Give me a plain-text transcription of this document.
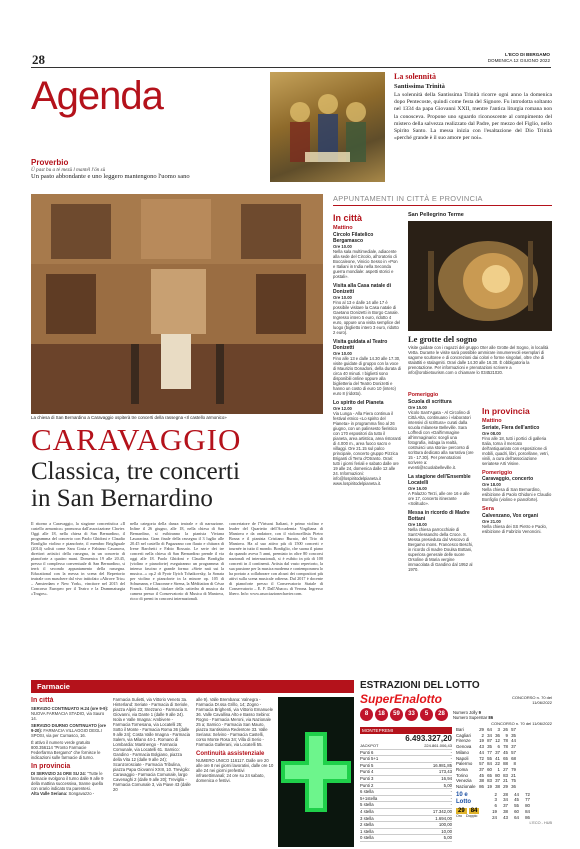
28	L'ECO DI BERGAMO
DOMENICA 12 GIUGNO 2022
Agenda
Proverbio
Ü past bu a té mezü l mantél l'ön sü
Un pasto abbondante e uno leggero mantengono l'uomo sano
La solennità
Santissima Trinità
La solennità della Santissima Trinità ricorre ogni anno la domenica dopo Pentecoste, quindi come festa del Signore. Fu introdotta soltanto nel 1334 da papa Giovanni XXII, mentre l'antica liturgia romana non la conosceva. Propone uno sguardo riconoscente al compimento del mistero della salvezza realizzato dal Padre, per mezzo del Figlio, nello Spirito Santo. La messa inizia con l'esaltazione del Dio Trinità «perché grande è il suo amore per noi».
La chiesa di San Bernardino a Caravaggio ospiterà tre concerti della rassegna «Il castello armonico»
CARAVAGGIO
Classica, tre concerti
in San Bernardino
Il ritorno a Caravaggio, la stagione concertistica «Il castello armonico» promossa dall'associazione Clavier. Oggi alle 18, nella chiesa di San Bernardino, il programma del concerto con Paolo Ghidoni e Claudio Bonfiglio violino e pianoforte, il membro Brigliguale (2014) solisti come Sara Costa e Fabiano Casanova, direttori artistici della rassegna, in un concerto di pianoforte a quattro mani. Domenica 19 alle 20.45, presso il complesso conventuale di San Bernardino, si terrà il secondo appuntamento della rassegna. Educational con la messa in scena del Repertorio teatrale con maschere dal vivo intitolato «Altrove Trio» – Amsterdam e New York», vincitore nel 2015 del Concorso Europeo per il Teatro e la Drammaturgia «Tragos».
nella categoria della danza teatrale e di narrazione. Infine il 26 giugno, alle 18, nella chiesa di San Bernardino, si esibiranno la pianista Viviana Lasaracina. Gran finale della rassegna il 3 luglio alle 20.45 nel castello di Pagazzano con flauto e chitarra di Irene Barchetti e Fabio Rossato. Le serie dei tre concerti nella chiesa di San Bernardino prende il via oggi alle 18. Paolo Ghidoni e Claudio Bonfiglio (violino e pianoforte) eseguiranno un programma di intenso fascino e grande forma: «Siete nati sui la musica...» op.2 di Pyotr Ilyich Tchaikovsky, la Sonata per violino e pianoforte in la minore op. 105 di Schumann, e Chaconne e Sirena, la Méditation di César Franck. Ghidoni, titolare della cattedra di musica da camera presso il Conservatorio di Musica di Mantova, ricco di premi in concorsi internazionali.
concertatore de l'Virtuosi Italiani, è primo violino e leader del Quartetto dell'Accademia Virgiliana di Mantova e da ondatore, con il violoncellista Pietro Bosna e il pianista Cristiano Burato, del Trio di Mantova. Ha al suo attivo più di 1500 concerti e tournée in tutto il mondo. Bonfiglio, che suona il piano da quando aveva 5 anni, premiato in oltre 80 concorsi nazionali ed internazionali, si è esibito in più di 100 concerti in 4 continenti. Artista dal vasto repertorio, la sua passione per la musica moderna e contemporanea lo ha portato a collaborare con alcuni dei compositori più attivi sulla scena musicale odierna. Dal 2017 è docente di pianoforte presso il Conservatorio Statale di Conservatorio – E. F. Dall'Abaco» di Verona. Ingresso libero. Info: www.associazionechavier.com.
APPUNTAMENTI IN CITTÀ E PROVINCIA
In città
Mattino
Circolo Filatelico Bergamasco
Ore 10.00
Nella sala multimediale, adiacente alla sede del Circolo, all'oratorio di Boccaleone, Vinicio Sesso in «Pon e Italiani in India nella Seconda guerra mondiale: aspetti storici e postali».
Visita alla Casa natale di Donizetti
Ore 10.00
Fino al 13 e dalle 14 alle 17 è possibile visitare la Casa natale di Gaetano Donizetti in Borgo Canale. Ingresso intero 5 euro, ridotto 4 euro, oppure una visita semplice del luogo (biglietto intero 3 euro, ridotto 2 euro).
Visita guidata al Teatro Donizetti
Ore 10.00
Fino alle 13 e dalle 14.30 alle 17.30, visite guidate di gruppo con la voce di Maurizio Donadoni, della durata di circa 40 minuti. I biglietti sono disponibili online oppure alla biglietteria del Teatro Donizetti e hanno un costo di euro 10 (intero) euro 8 (ridotto).
Lo spirito del Pianeta
Ore 12.00
Via Lunga - Alla Fiera continua il festival etnico «Lo spirito del Pianeta» in programma fino al 26 giugno, con un palinsesto fieristico con 170 espositori da tutto il pianeta, area artistica, area ristoranti di 4.000 m., area fuoco sacro e villaggi. Ore 21.15 sul palco principale, concerto gruppo Pizzica Briganti di Terra d'Otranto. Orari: tutti i giorni feriali e sabato dalle ore 19 alle 24, domenica dalle 12 alle 24. Informazioni: info@lospiritodelpianeta.it www.lospiritodelpianeta.it.
San Pellegrino Terme
Le grotte del sogno
Visite guidate con i ragazzi del gruppo Oter alle Grotte del Sogno, in località Vetta. Durante le visite sarà possibile ammirare innumerevoli esemplari di sagome scultoree e di concrezioni dai colori e forme singolari, oltre che di stalattiti e stalagmiti. Orari dalle 14.30 alle 16.30. È obbligatoria la prenotazione. Per informazioni e prenotazioni scrivere a info@orobietourism.com o chiamare lo 034521020.
Pomeriggio
Scuola di scrittura
Ore 15.00
Vicolo Sant'Agata - Al Circolino di Città Alta, continuano i «laboratori intensivi di scrittura» curati dalla scuola milanese Belleville. Sara Loffredi con «Dall'immagine all'immaginario: scegli una fotografia, indaga la realtà, costruisci una storia» percorso di scrittura dedicato alla narrativa (ore 15 - 17.30). Per prenotazioni scrivere a: eventi@scuolabelleville.it.
La stagione dell'Ensemble Locatelli
Ore 16.00
A Palazzo Terzi, alle ore 16 e alle ore 17, concerto itinerante «Solitudo».
Messa in ricordo di Madre Bottani
Ore 18.00
Nella chiesa parrocchiale di Sant'Alessandro della Croce. S. Messa presieduta dal Vescovo di Bergamo mons. Francesco Beschi, in ricordo di madre Doulsa Bottani, superiora generale delle suore Orsoline di Maria vergine immacolata di Gandino dal 1952 al 1970.
In provincia
Mattino
Seriate, Fiera dell'antico
Ore 08.00
Fino alle 18, tutti i portici di galleria Italia, torna il mercato dell'antiquariato con esposizione di mobili, quadri, libri, porcellane, vetri, vinili, a cura dell'associazione seriatese Arti Visive.
Pomeriggio
Caravaggio, concerto
Ore 18.00
Nella chiesa di San Bernardino, esibizione di Paolo Ghidoni e Claudio Bonfiglio (violino e pianoforte).
Sera
Calvenzano, Vox organi
Ore 21.00
Nella chiesa dei SS Pietro e Paolo, esibizione di Fabrizio Venoncini.
Farmacie
In città
SERVIZIO CONTINUATO H.24 (ore 9-9): NUOVA FARMACIA STADIO, via Sauro 14.
SERVIZIO DIURNO CONTINUATO (ore 9-20): FARMACIA VILLAGGIO DEGLI SPOSI, via per Curnasco, 16.
È attivo il numero verde gratuito 800.356114 "Pronto Farmacie Federfarma Bergamo" che fornisce le indicazioni sulle farmacie di turno.
In provincia
DI SERVIZIO 24 ORE SU 24: "Tutte le farmacie svolgono il turno dalle 9 alle 9 della mattina successiva, tranne quella con orario indicato tra parentesi.
Alta Valle Seriana: Songavazzo -
Farmacia Sulietti, via Vittorio Veneto 3a. Hinterland: Seriate - Farmacia di Seriole, piazza Alpini 23; Stezzano - Farmacia S. Giovanni, via Dante 1 (dalle 9 alle 24). Isola e Valle Imagna: Ambivere - Farmacia Tornesana, via Locatelli 25; Sotto il Monte - Farmacia Roma 36 (dalle 9 alle 24); Costa Valle Imagna - Farmacia Salem, via Milano 44-1. Romano di Lombardia: Martinengo - Farmacia Comunale, via Locatelli 61. Sarnico: Gandino - Farmacia Bolgiano, piazza della Vita 12 (dalle 9 alle 24); Scanzorosciate - Farmacia Tribulina, piazza Papa Giovanni XXIII, 10. Treviglio: Caravaggio - Farmacia Comunale, largo Cavenaghi 2 (dalle 9 alle 20); Treviglio - Farmacia Comunale 3, via Piave 43 (dalle 20
alle 9). Valle Brembana: Valnegra - Farmacia Dr.ssa Grillo, 14; Zogno - Farmacia Brighenti, via Vittorio Emanuele 36. Valle Cavallina Alto e Basso Sebino: Rogno - Farmacia Meroni, via Nazionale 25 a; Sarnico - Farmacia San Mauro, piazza Santissima Redentore 33. Valle Seriana: Selvino - Farmacia Castelli, corso Monte Rosa 34; Villa di Serio - Farmacia Gallerani, via Locatelli 55.
Continuità assistenziale
NUMERO UNICO 116117. Dalle ore 20 alle ore 8 nei giorni lavorativi, dalle ore 10 alle 24 nei giorni prefestivi infrasettimanali; 24 ore su 24 sabato, domenica e festivi.
ESTRAZIONI DEL LOTTO
SuperEnalotto	CONCORSO n. 70 del 11/06/2022
8	18	59	33	5	28	Numero Jolly 9
Numero Superstar 86
CONCORSO n. 70 del 11/06/2022
MONTEPREMI
6.493.327,20
JACKPOT	224.861.006,43
Punti 6	-
Punti 5+1	-
Punti 5	16.981,85
Punti 4	173,43
Punti 3	16,94
Punti 2	5,00
6 stella	-
5+1stella	-
5 stella	-
4 stella	17.342,00
3 stella	1.694,00
2 stella	100,00
1 stella	10,00
0 stella	5,00
Bari	29 64	3 26 57
Cagliari	2 34 36	9 35
Firenze	19 87 12 78 44
Genova	43 35	6 78 37
Milano	44 77 37 45 57
Napoli	72 55 41 65 68
Palermo	57 84 22 88	8
Roma	37 60	1 27 79
Torino	45 65 80 83 21
Venezia	38 83 37 21 75
Nazionale 86 19 38 29 36
10 e Lotto
29	84
Oro Doppio
2	28	44	72
3	34	45	77
6	37	55	80
19	38	60	84
24	43	64	86
L'ECO - HUB
